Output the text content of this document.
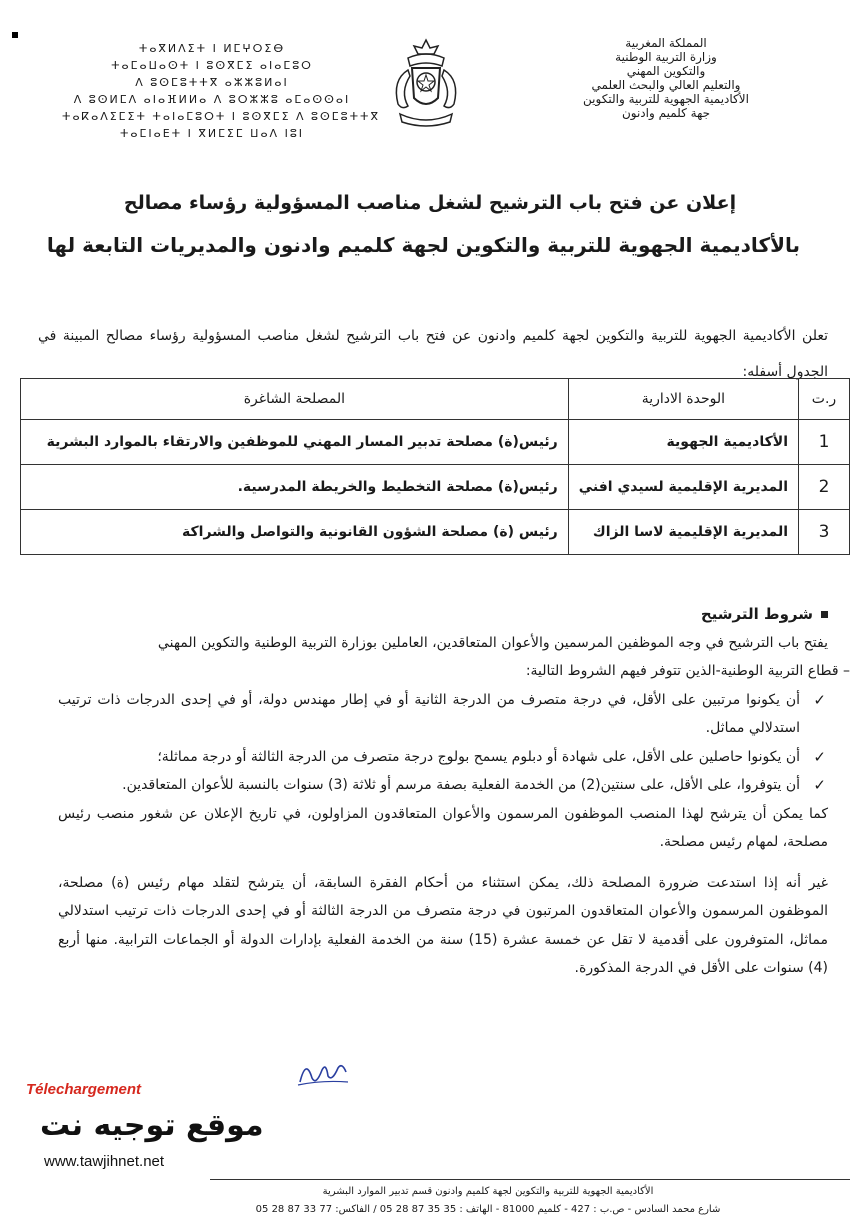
المملكة المغربية
وزارة التربية الوطنية
والتكوين المهني
والتعليم العالي والبحث العلمي
الأكاديمية الجهوية للتربية والتكوين
جهة كلميم وادنون
ⵜⴰⴳⵍⴷⵉⵜ ⵏ ⵍⵎⵖⵔⵉⴱ
ⵜⴰⵎⴰⵡⴰⵙⵜ ⵏ ⵓⵙⴳⵎⵉ ⴰⵏⴰⵎⵓⵔ
ⴷ ⵓⵙⵎⵓⵜⵜⴳ ⴰⵣⵣⵓⵍⴰⵏ
ⴷ ⵓⵙⵍⵎⴷ ⴰⵏⴰⴼⵍⵍⴰ ⴷ ⵓⵔⵣⵣⵓ ⴰⵎⴰⵙⵙⴰⵏ
ⵜⴰⴽⴰⴷⵉⵎⵉⵜ ⵜⴰⵏⴰⵎⵓⵔⵜ ⵏ ⵓⵙⴳⵎⵉ ⴷ ⵓⵙⵎⵓⵜⵜⴳ
ⵜⴰⵎⵏⴰⴹⵜ ⵏ ⴳⵍⵎⵉⵎ ⵡⴰⴷ ⵏⵓⵏ
إعلان عن فتح باب الترشيح لشغل مناصب المسؤولية رؤساء مصالح
بالأكاديمية الجهوية للتربية والتكوين لجهة كلميم وادنون والمديريات التابعة لها

تعلن الأكاديمية الجهوية للتربية والتكوين لجهة كلميم وادنون عن فتح باب الترشيح لشغل مناصب المسؤولية رؤساء مصالح المبينة في الجدول أسفله:

ر.ت	الوحدة الادارية	المصلحة الشاغرة
1	الأكاديمية الجهوية	رئيس(ة) مصلحة تدبير المسار المهني للموظفين والارتقاء بالموارد البشرية
2	المديرية الإقليمية لسيدي افني	رئيس(ة) مصلحة التخطيط والخريطة المدرسية.
3	المديرية الإقليمية لاسا الزاك	رئيس (ة) مصلحة الشؤون القانونية والتواصل والشراكة
شروط الترشيح

يفتح باب الترشيح في وجه الموظفين المرسمين والأعوان المتعاقدين، العاملين بوزارة التربية الوطنية والتكوين المهني

– قطاع التربية الوطنية-الذين تتوفر فيهم الشروط التالية:

✓
أن يكونوا مرتبين على الأقل، في درجة متصرف من الدرجة الثانية أو في إطار مهندس دولة، أو في إحدى الدرجات ذات ترتيب استدلالي مماثل.
✓
أن يكونوا حاصلين على الأقل، على شهادة أو دبلوم يسمح بولوج درجة متصرف من الدرجة الثالثة أو درجة مماثلة؛
✓
أن يتوفروا، على الأقل، على سنتين(2) من الخدمة الفعلية بصفة مرسم أو ثلاثة (3) سنوات بالنسبة للأعوان المتعاقدين.

كما يمكن أن يترشح لهذا المنصب الموظفون المرسمون والأعوان المتعاقدون المزاولون، في تاريخ الإعلان عن شغور منصب رئيس مصلحة، لمهام رئيس مصلحة.

غير أنه إذا استدعت ضرورة المصلحة ذلك، يمكن استثناء من أحكام الفقرة السابقة، أن يترشح لتقلد مهام رئيس (ة) مصلحة، الموظفون المرسمون والأعوان المتعاقدون المرتبون في درجة متصرف من الدرجة الثالثة أو في إحدى الدرجات ذات ترتيب استدلالي مماثل، المتوفرون على أقدمية لا تقل عن خمسة عشرة (15) سنة من الخدمة الفعلية بإدارات الدولة أو الجماعات الترابية. منها أربع (4) سنوات على الأقل في الدرجة المذكورة.

Télechargement
موقع توجيه نت
www.tawjihnet.net
الأكاديمية الجهوية للتربية والتكوين لجهة كلميم وادنون قسم تدبير الموارد البشرية
شارع محمد السادس - ص.ب : 427 - كلميم 81000 - الهاتف : 35 35 87 28 05 / الفاكس: 77 33 87 28 05
